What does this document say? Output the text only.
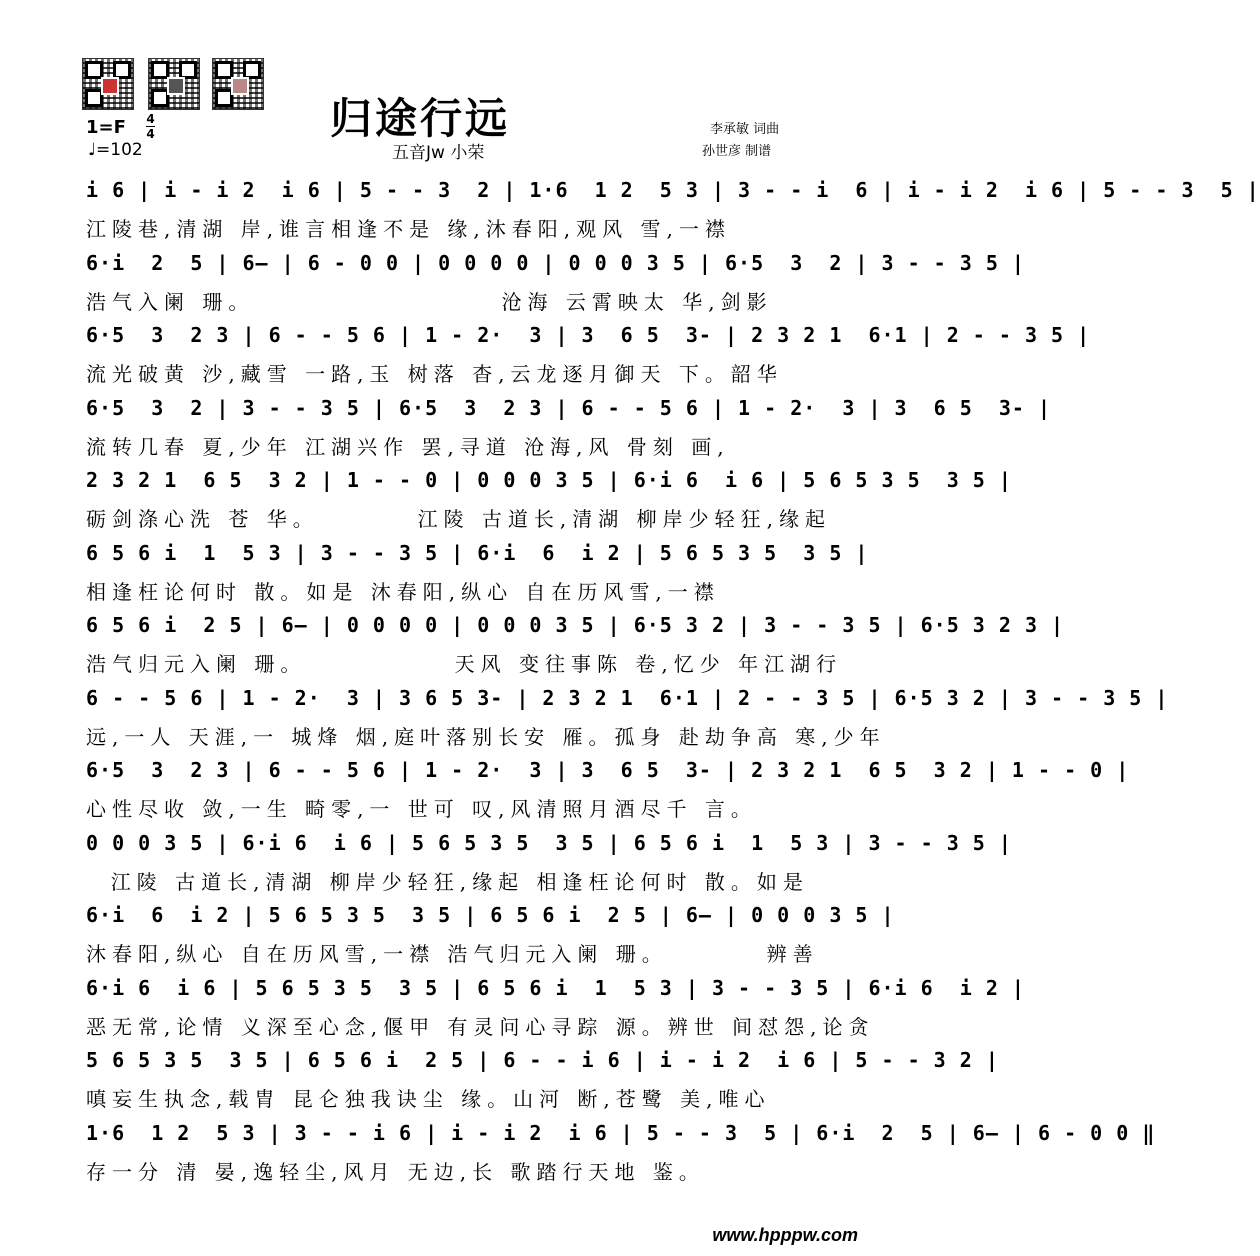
归途行远
五音Jw 小荣
1=F 4
4
♩=102
李承敏 词曲
孙世彦 制谱
i 6 | i - i 2  i 6 | 5 - - 3  2 | 1·6  1 2  5 3 | 3 - - i  6 | i - i 2  i 6 | 5 - - 3  5 |
江陵巷,清湖 岸,谁言相逢不是 缘,沐春阳,观风 雪,一襟
6·i  2  5 | 6— | 6 - 0 0 | 0 0 0 0 | 0 0 0 3 5 | 6·5  3  2 | 3 - - 3 5 |
浩气入阑 珊。                    沧海 云霄映太 华,剑影
6·5  3  2 3 | 6 - - 5 6 | 1 - 2·  3 | 3  6 5  3- | 2 3 2 1  6·1 | 2 - - 3 5 |
流光破黄 沙,藏雪 一路,玉 树落 杳,云龙逐月御天 下。韶华
6·5  3  2 | 3 - - 3 5 | 6·5  3  2 3 | 6 - - 5 6 | 1 - 2·  3 | 3  6 5  3- |
流转几春 夏,少年 江湖兴作 罢,寻道 沧海,风 骨刻 画,
2 3 2 1  6 5  3 2 | 1 - - 0 | 0 0 0 3 5 | 6·i 6  i 6 | 5 6 5 3 5  3 5 |
砺剑涤心洗 苍 华。        江陵 古道长,清湖 柳岸少轻狂,缘起
6 5 6 i  1  5 3 | 3 - - 3 5 | 6·i  6  i 2 | 5 6 5 3 5  3 5 |
相逢枉论何时 散。如是 沐春阳,纵心 自在历风雪,一襟
6 5 6 i  2 5 | 6— | 0 0 0 0 | 0 0 0 3 5 | 6·5 3 2 | 3 - - 3 5 | 6·5 3 2 3 |
浩气归元入阑 珊。            天风 变往事陈 卷,忆少 年江湖行
6 - - 5 6 | 1 - 2·  3 | 3 6 5 3- | 2 3 2 1  6·1 | 2 - - 3 5 | 6·5 3 2 | 3 - - 3 5 |
远,一人 天涯,一 城烽 烟,庭叶落别长安 雁。孤身 赴劫争高 寒,少年
6·5  3  2 3 | 6 - - 5 6 | 1 - 2·  3 | 3  6 5  3- | 2 3 2 1  6 5  3 2 | 1 - - 0 |
心性尽收 敛,一生 畸零,一 世可 叹,风清照月酒尽千 言。
0 0 0 3 5 | 6·i 6  i 6 | 5 6 5 3 5  3 5 | 6 5 6 i  1  5 3 | 3 - - 3 5 |
江陵 古道长,清湖 柳岸少轻狂,缘起 相逢枉论何时 散。如是
6·i  6  i 2 | 5 6 5 3 5  3 5 | 6 5 6 i  2 5 | 6— | 0 0 0 3 5 |
沐春阳,纵心 自在历风雪,一襟 浩气归元入阑 珊。        辨善
6·i 6  i 6 | 5 6 5 3 5  3 5 | 6 5 6 i  1  5 3 | 3 - - 3 5 | 6·i 6  i 2 |
恶无常,论情 义深至心念,偃甲 有灵问心寻踪 源。辨世 间怼怨,论贪
5 6 5 3 5  3 5 | 6 5 6 i  2 5 | 6 - - i 6 | i - i 2  i 6 | 5 - - 3 2 |
嗔妄生执念,载胄 昆仑独我诀尘 缘。山河 断,苍鹭 美,唯心
1·6  1 2  5 3 | 3 - - i 6 | i - i 2  i 6 | 5 - - 3  5 | 6·i  2  5 | 6— | 6 - 0 0 ‖
存一分 清 晏,逸轻尘,风月 无边,长 歌踏行天地 鉴。
www.hpppw.com
